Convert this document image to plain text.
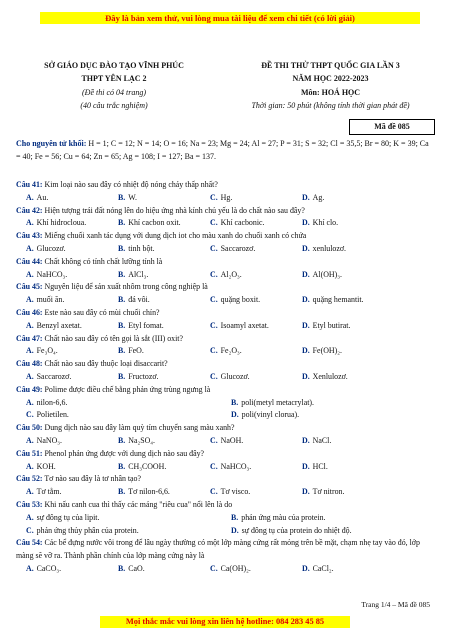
Đây là bản xem thử, vui lòng mua tài liệu để xem chi tiết (có lời giải)
SỞ GIÁO DỤC ĐÀO TẠO VĨNH PHÚC
THPT YÊN LẠC 2
(Đề thi có 04 trang)
(40 câu trắc nghiệm)
ĐỀ THI THỬ THPT QUỐC GIA LẦN 3
NĂM HỌC 2022-2023
Môn: HOÁ HỌC
Thời gian: 50 phút (không tính thời gian phát đề)
Mã đề 085
Cho nguyên tử khối: H = 1; C = 12; N = 14; O = 16; Na = 23; Mg = 24; Al = 27; P = 31; S = 32; Cl = 35,5; Br = 80; K = 39; Ca = 40; Fe = 56; Cu = 64; Zn = 65; Ag = 108; I = 127; Ba = 137.
Câu 41: Kim loại nào sau đây có nhiệt độ nóng chảy thấp nhất?
A. Au.	B. W.	C. Hg.	D. Ag.
Câu 42: Hiện tượng trái đất nóng lên do hiệu ứng nhà kính chủ yếu là do chất nào sau đây?
A. Khí hidrocloua.	B. Khí cacbon oxit.	C. Khí cacbonic.	D. Khí clo.
Câu 43: Miếng chuối xanh tác dụng với dung dịch iot cho màu xanh do chuối xanh có chứa
A. Glucozơ.	B. tinh bột.	C. Saccarozơ.	D. xenlulozơ.
Câu 44: Chất không có tính chất lưỡng tính là
A. NaHCO₃.	B. AlCl₃.	C. Al₂O₃.	D. Al(OH)₃.
Câu 45: Nguyên liệu để sản xuất nhôm trong công nghiệp là
A. muối ăn.	B. đá vôi.	C. quặng boxit.	D. quặng hemantit.
Câu 46: Este nào sau đây có mùi chuối chín?
A. Benzyl axetat.	B. Etyl fomat.	C. Isoamyl axetat.	D. Etyl butirat.
Câu 47: Chất nào sau đây có tên gọi là sắt (III) oxit?
A. Fe₃O₄.	B. FeO.	C. Fe₂O₃.	D. Fe(OH)₂.
Câu 48: Chất nào sau đây thuộc loại đisaccarit?
A. Saccarozơ.	B. Fructozơ.	C. Glucozơ.	D. Xenlulozơ.
Câu 49: Polime được điều chế bằng phản ứng trùng ngưng là
A. nilon-6,6.	B. poli(metyl metacrylat).
C. Polietilen.	D. poli(vinyl clorua).
Câu 50: Dung dịch nào sau đây làm quỳ tím chuyển sang màu xanh?
A. NaNO₃.	B. Na₂SO₄.	C. NaOH.	D. NaCl.
Câu 51: Phenol phản ứng được với dung dịch nào sau đây?
A. KOH.	B. CH₃COOH.	C. NaHCO₃.	D. HCl.
Câu 52: Tơ nào sau đây là tơ nhân tạo?
A. Tơ tằm.	B. Tơ nilon-6,6.	C. Tơ visco.	D. Tơ nitron.
Câu 53: Khi nấu canh cua thì thấy các mảng "riêu cua" nổi lên là do
A. sự đông tụ của lipit.	B. phản ứng màu của protein.
C. phản ứng thủy phân của protein.	D. sự đông tụ của protein do nhiệt độ.
Câu 54: Các bể đựng nước vôi trong để lâu ngày thường có một lớp màng cứng rất mỏng trên bề mặt, chạm nhẹ tay vào đó, lớp màng sẽ vỡ ra. Thành phần chính của lớp màng cứng này là
A. CaCO₃.	B. CaO.	C. Ca(OH)₂.	D. CaCl₂.
Trang 1/4 – Mã đề 085
Mọi thắc mắc vui lòng xin liên hệ hotline: 084 283 45 85
